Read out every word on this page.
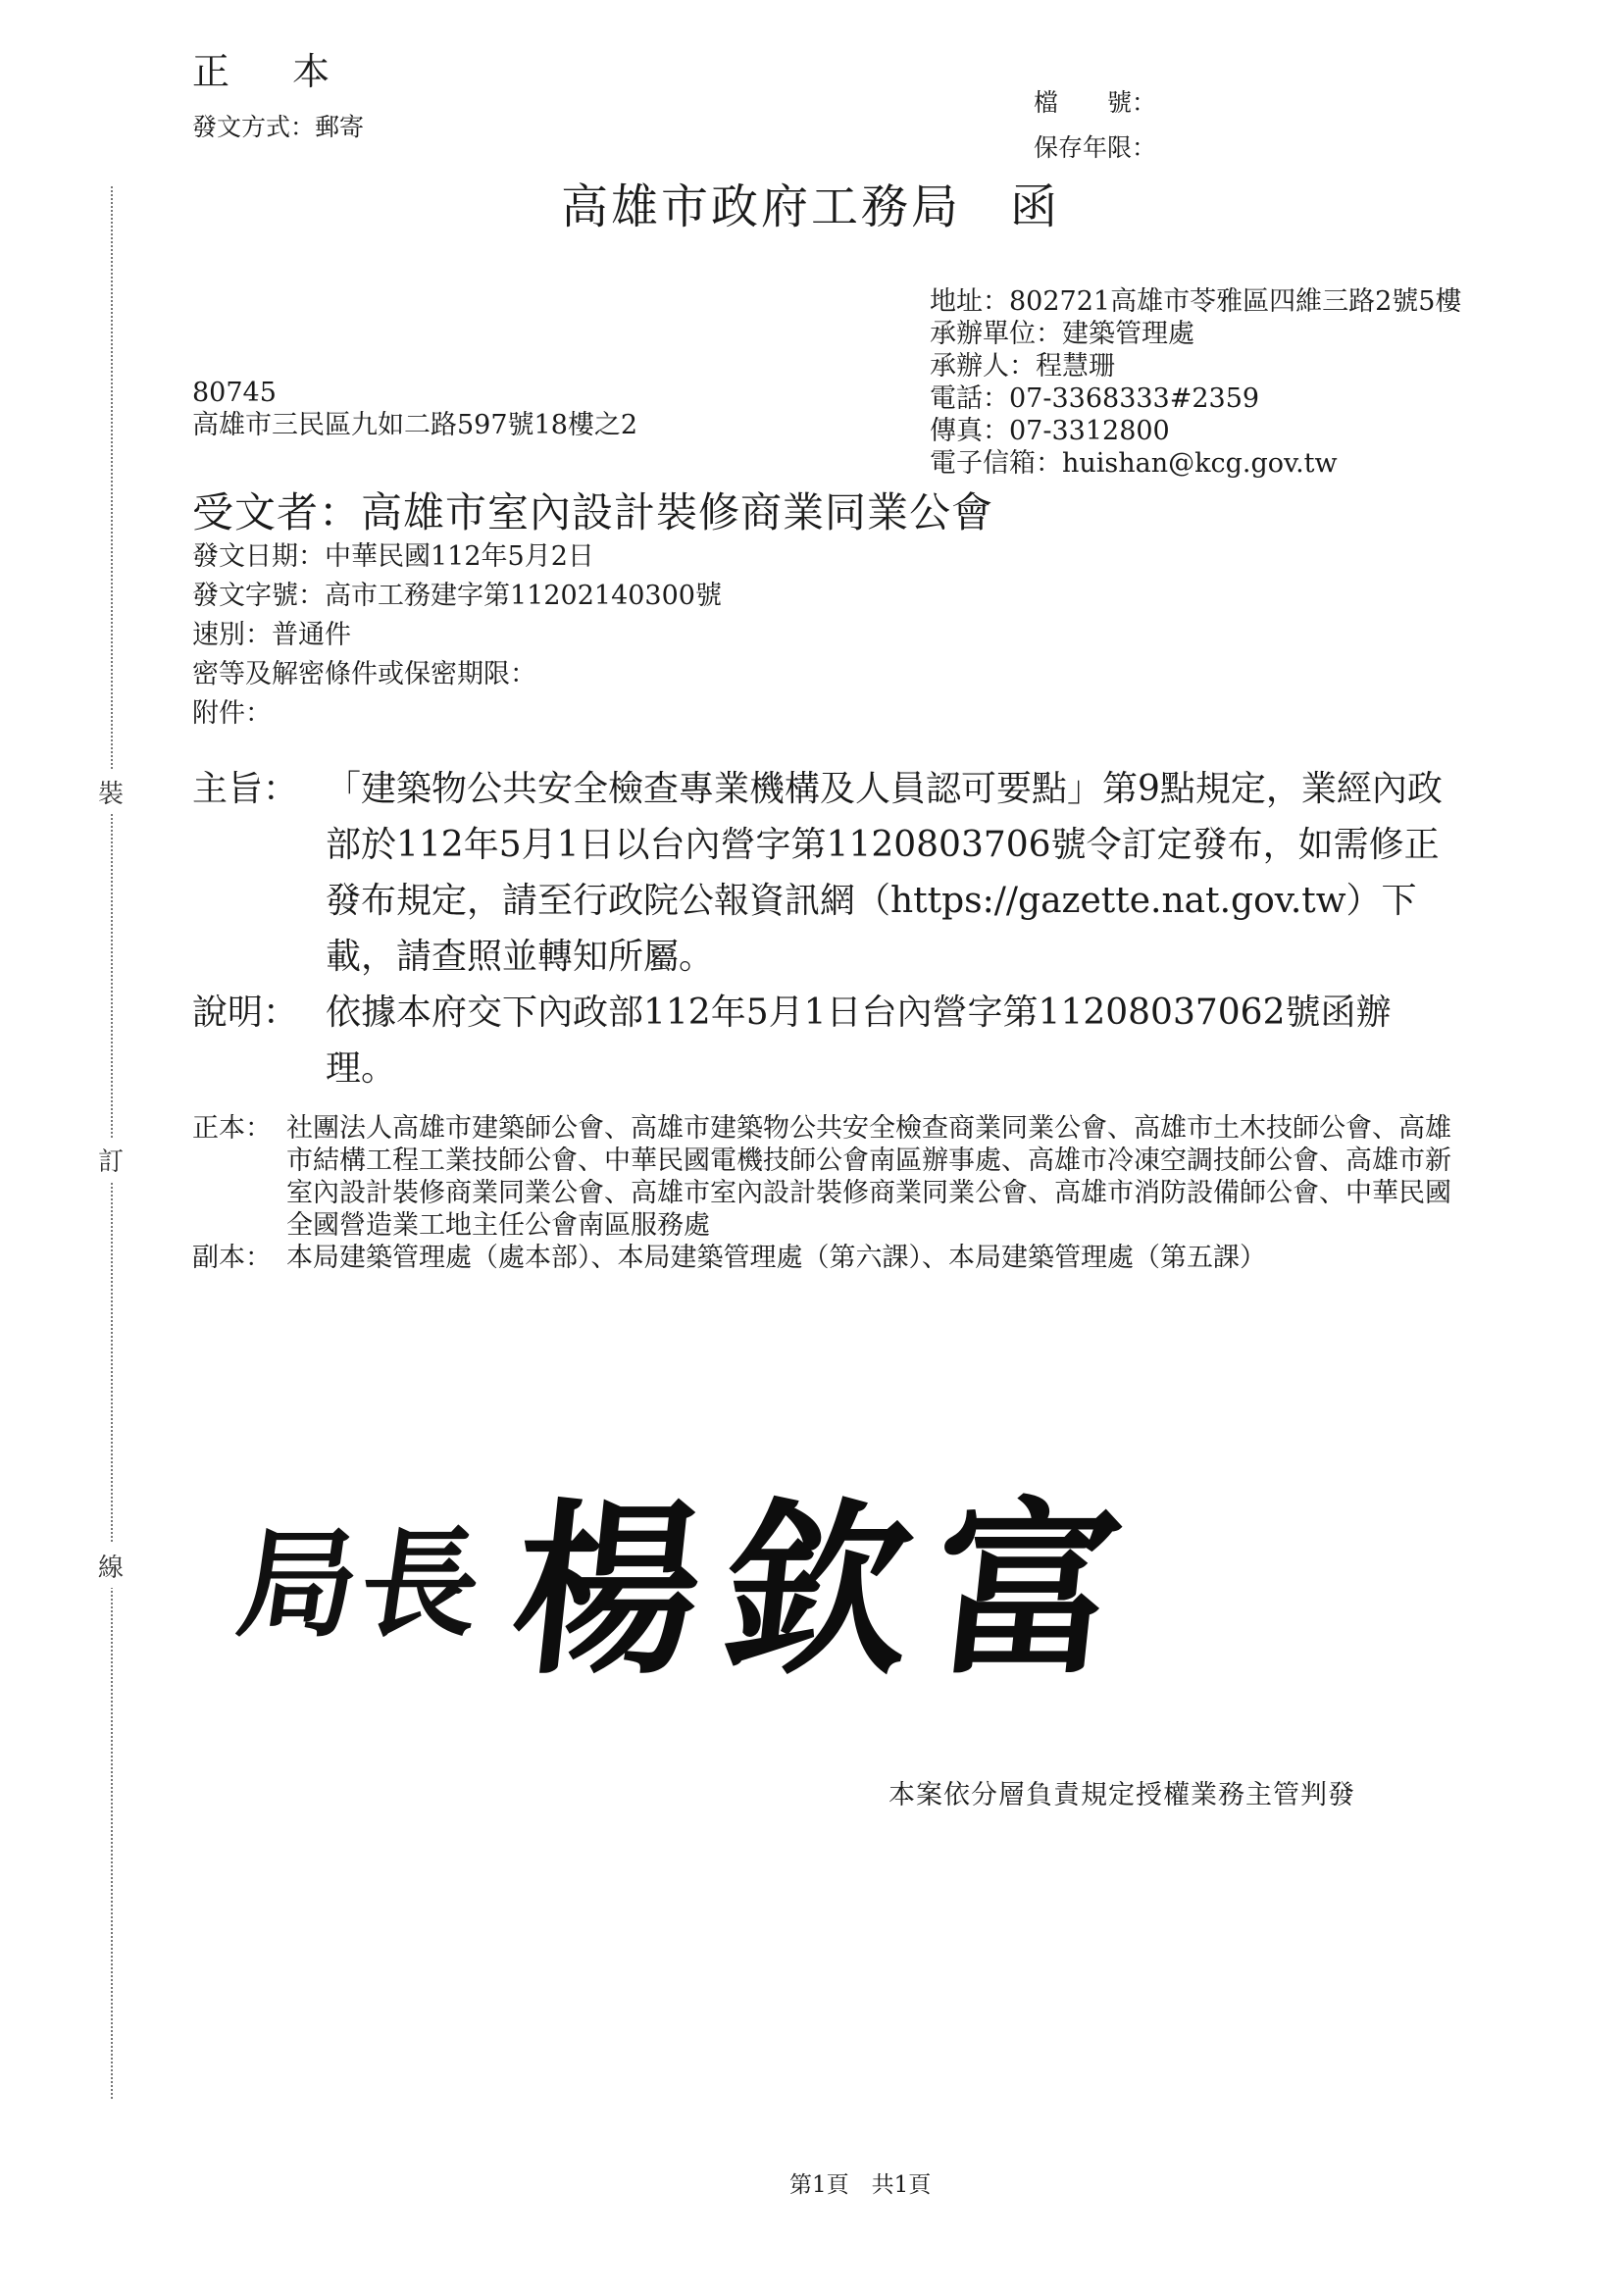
裝
訂
線
正 本
發文方式：郵寄
檔　　號：
保存年限：
高雄市政府工務局 函
地址：802721高雄市苓雅區四維三路2號5樓
承辦單位：建築管理處
承辦人：程慧珊
電話：07-3368333#2359
傳真：07-3312800
電子信箱：huishan@kcg.gov.tw
80745
高雄市三民區九如二路597號18樓之2
受文者：高雄市室內設計裝修商業同業公會
發文日期：中華民國112年5月2日
發文字號：高市工務建字第11202140300號
速別：普通件
密等及解密條件或保密期限：
附件：
主旨： 「建築物公共安全檢查專業機構及人員認可要點」第9點規定，業經內政部於112年5月1日以台內營字第1120803706號令訂定發布，如需修正發布規定，請至行政院公報資訊網（https://gazette.nat.gov.tw）下載，請查照並轉知所屬。
說明： 依據本府交下內政部112年5月1日台內營字第11208037062號函辦理。
正本： 社團法人高雄市建築師公會、高雄市建築物公共安全檢查商業同業公會、高雄市土木技師公會、高雄市結構工程工業技師公會、中華民國電機技師公會南區辦事處、高雄市冷凍空調技師公會、高雄市新室內設計裝修商業同業公會、高雄市室內設計裝修商業同業公會、高雄市消防設備師公會、中華民國全國營造業工地主任公會南區服務處
副本： 本局建築管理處（處本部）、本局建築管理處（第六課）、本局建築管理處（第五課）
局長 楊欽富
本案依分層負責規定授權業務主管判發
第1頁　共1頁
